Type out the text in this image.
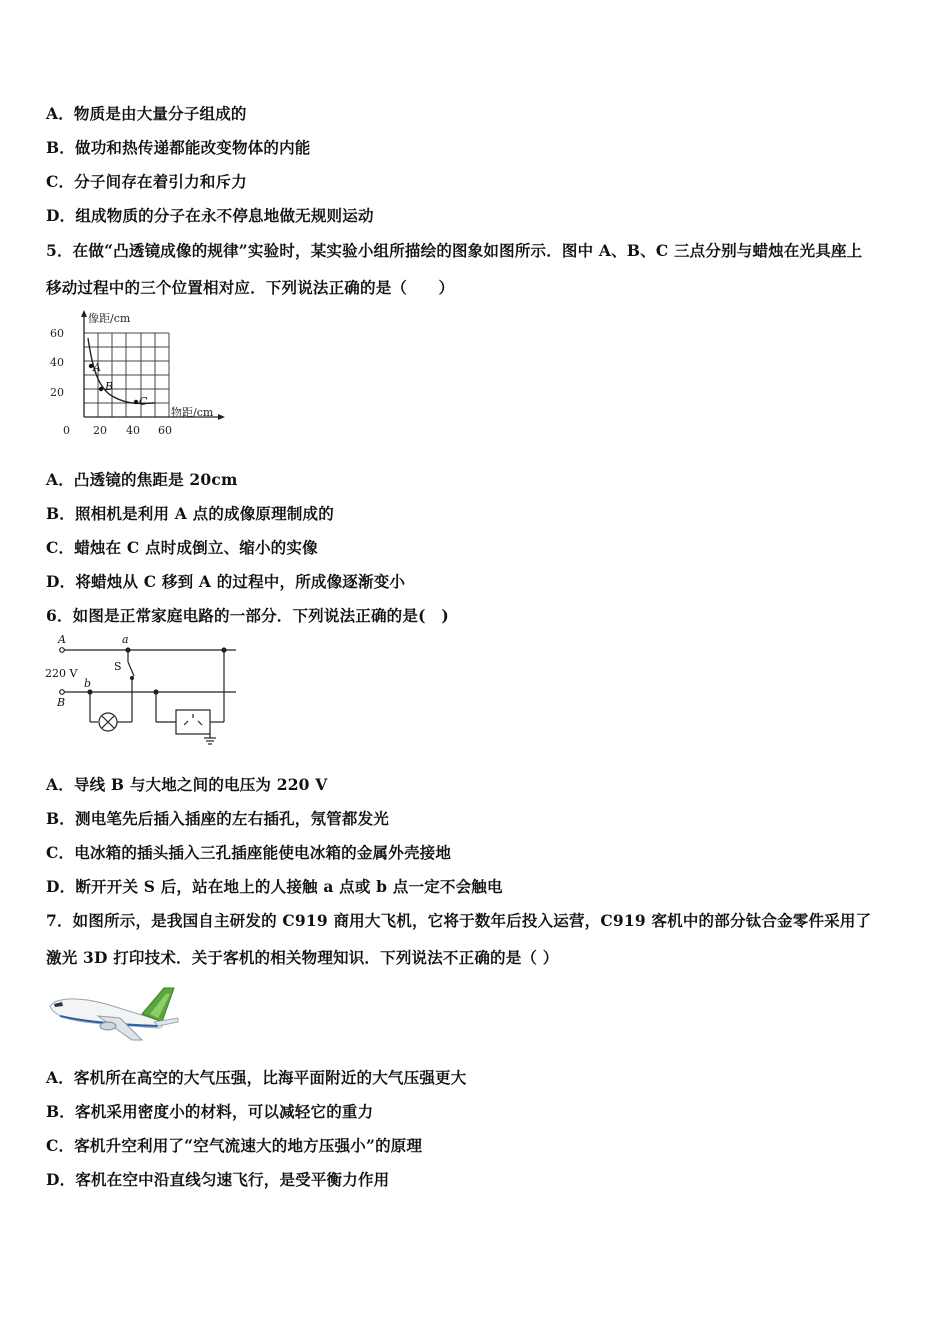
A．物质是由大量分子组成的
B．做功和热传递都能改变物体的内能
C．分子间存在着引力和斥力
D．组成物质的分子在永不停息地做无规则运动
5．在做“凸透镜成像的规律”实验时，某实验小组所描绘的图象如图所示．图中 A、B、C 三点分别与蜡烛在光具座上
移动过程中的三个位置相对应．下列说法正确的是（　　）
A
B
C
像距/cm
物距/cm
60
40
20
0 20 40 60
A．凸透镜的焦距是 20cm
B．照相机是利用 A 点的成像原理制成的
C．蜡烛在 C 点时成倒立、缩小的实像
D．将蜡烛从 C 移到 A 的过程中，所成像逐渐变小
6．如图是正常家庭电路的一部分．下列说法正确的是(　)
A	a
220 V
S
b
B
A．导线 B 与大地之间的电压为 220 V
B．测电笔先后插入插座的左右插孔，氖管都发光
C．电冰箱的插头插入三孔插座能使电冰箱的金属外壳接地
D．断开开关 S 后，站在地上的人接触 a 点或 b 点一定不会触电
7．如图所示，是我国自主研发的 C919 商用大飞机，它将于数年后投入运营，C919 客机中的部分钛合金零件采用了
激光 3D 打印技术．关于客机的相关物理知识．下列说法不正确的是（ ）
A．客机所在高空的大气压强，比海平面附近的大气压强更大
B．客机采用密度小的材料，可以减轻它的重力
C．客机升空利用了“空气流速大的地方压强小”的原理
D．客机在空中沿直线匀速飞行，是受平衡力作用
